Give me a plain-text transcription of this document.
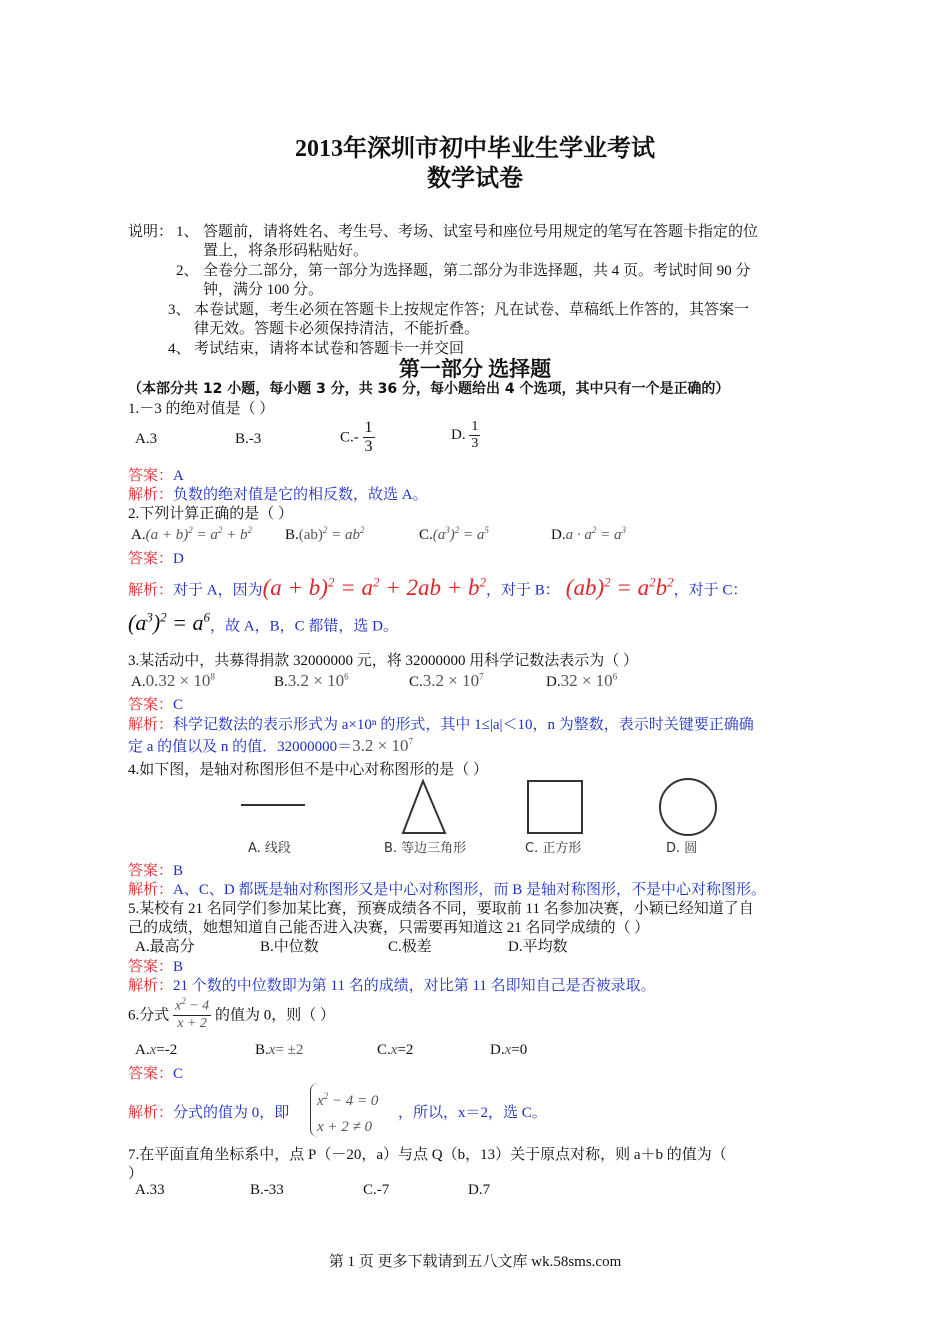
2013年深圳市初中毕业生学业考试
数学试卷
说明： 1、 答题前，请将姓名、考生号、考场、试室号和座位号用规定的笔写在答题卡指定的位
置上，将条形码粘贴好。
2、 全卷分二部分，第一部分为选择题，第二部分为非选择题，共 4 页。考试时间 90 分
钟，满分 100 分。
3、 本卷试题，考生必须在答题卡上按规定作答；凡在试卷、草稿纸上作答的，其答案一
律无效。答题卡必须保持清洁，不能折叠。
4、 考试结束，请将本试卷和答题卡一并交回
第一部分 选择题
（本部分共 12 小题，每小题 3 分，共 36 分，每小题给出 4 个选项，其中只有一个是正确的）
1.－3 的绝对值是（ ）
A.3	B.-3	$C.- \frac{1}{3}$	D. $\frac{1}{3}$
答案：A
解析：负数的绝对值是它的相反数，故选 A。
2.下列计算正确的是（ ）
$A.(a + b)^2 = a^2 + b^2$ $B.(ab)^2 = ab^2$	$C.(a^3)^2 = a^5$	$D.a \cdot a^2 = a^3$
答案：D
解析：对于 A，因为$(a + b)^2 = a^2 + 2ab + b^2$，对于 B： $(ab)^2 = a^2b^2$，对于 C：
$(a^3)^2 = a^6$，故 A，B，C 都错，选 D。
3.某活动中，共募得捐款 32000000 元，将 32000000 用科学记数法表示为（ ）
$A.0.32 \times 10^8$	$B.3.2 \times 10^6$	$C.3.2 \times 10^7$	$D.32 \times 10^6$
答案：C
解析：科学记数法的表示形式为 a×10ⁿ 的形式，其中 1≤|a|＜10，n 为整数，表示时关键要正确确
定 a 的值以及 n 的值．$32000000=3.2 \times 10^7$
4.如下图，是轴对称图形但不是中心对称图形的是（ ）
A. 线段	B. 等边三角形	C. 正方形	D. 圆
答案：B
解析：A、C、D 都既是轴对称图形又是中心对称图形，而 B 是轴对称图形，不是中心对称图形。
5.某校有 21 名同学们参加某比赛，预赛成绩各不同，要取前 11 名参加决赛，小颖已经知道了自
己的成绩，她想知道自己能否进入决赛，只需要再知道这 21 名同学成绩的（ ）
A.最高分	B.中位数	C.极差	D.平均数
答案：B
解析：21 个数的中位数即为第 11 名的成绩，对比第 11 名即知自己是否被录取。
6.分式 $\frac{x^2 - 4}{x + 2}$ 的值为 0，则（ ）
A.x=-2	B.x= ±2	C.x=2	D.x=0
答案：C
解析：分式的值为 0，即
$x^2 - 4 = 0$
x + 2 ≠ 0
，所以，x＝2，选 C。
7.在平面直角坐标系中，点 P（－20，a）与点 Q（b，13）关于原点对称，则 a＋b 的值为（
）
A.33	B.-33	C.-7	D.7
第 1 页 更多下载请到五八文库 wk.58sms.com
